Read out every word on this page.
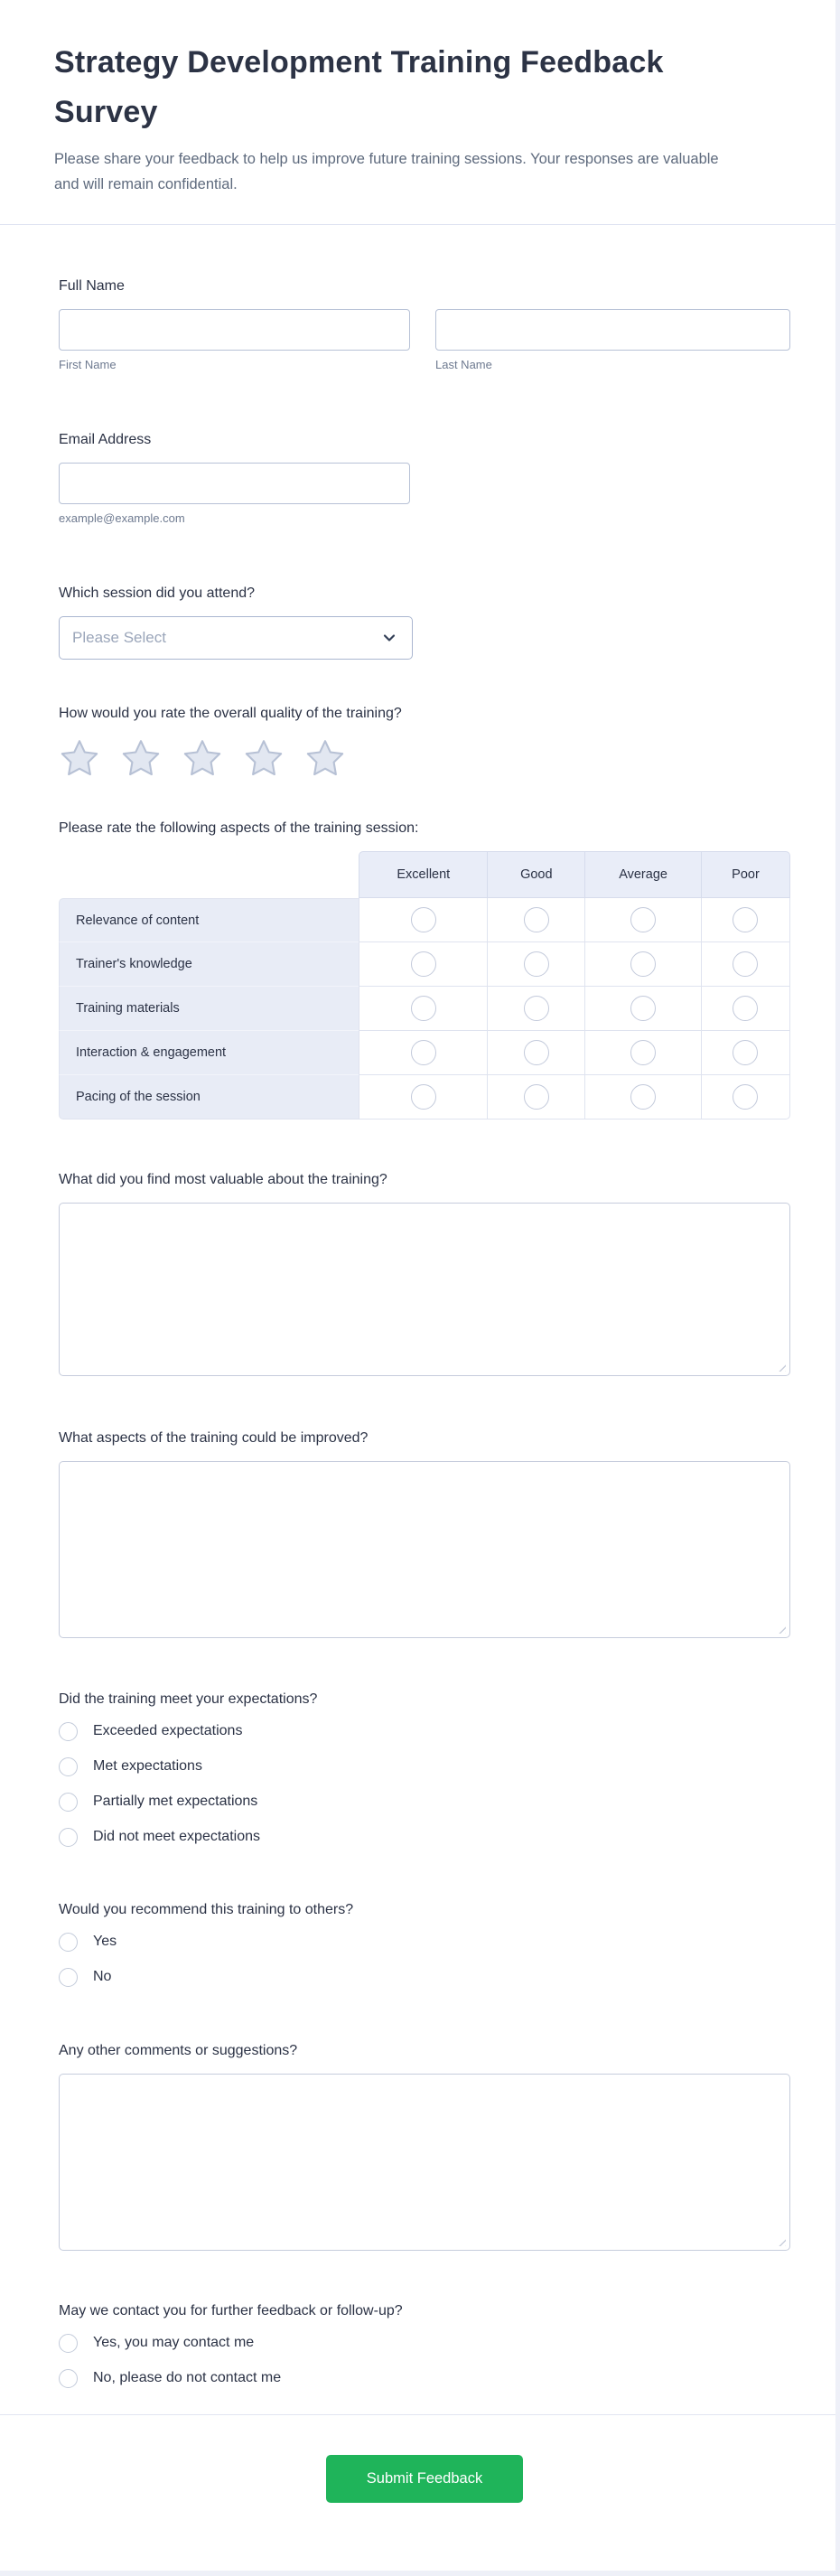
Strategy Development Training Feedback Survey

Please share your feedback to help us improve future training sessions. Your responses are valuable and will remain confidential.

Full Name
First Name	Last Name
Email Address
example@example.com
Which session did you attend?
Please Select
How would you rate the overall quality of the training?
Please rate the following aspects of the training session:
	Excellent	Good	Average	Poor
Relevance of content				
Trainer's knowledge				
Training materials				
Interaction & engagement				
Pacing of the session				
What did you find most valuable about the training?
What aspects of the training could be improved?
Did the training meet your expectations?
Exceeded expectations
Met expectations
Partially met expectations
Did not meet expectations
Would you recommend this training to others?
Yes
No
Any other comments or suggestions?
May we contact you for further feedback or follow-up?
Yes, you may contact me
No, please do not contact me
Submit Feedback
